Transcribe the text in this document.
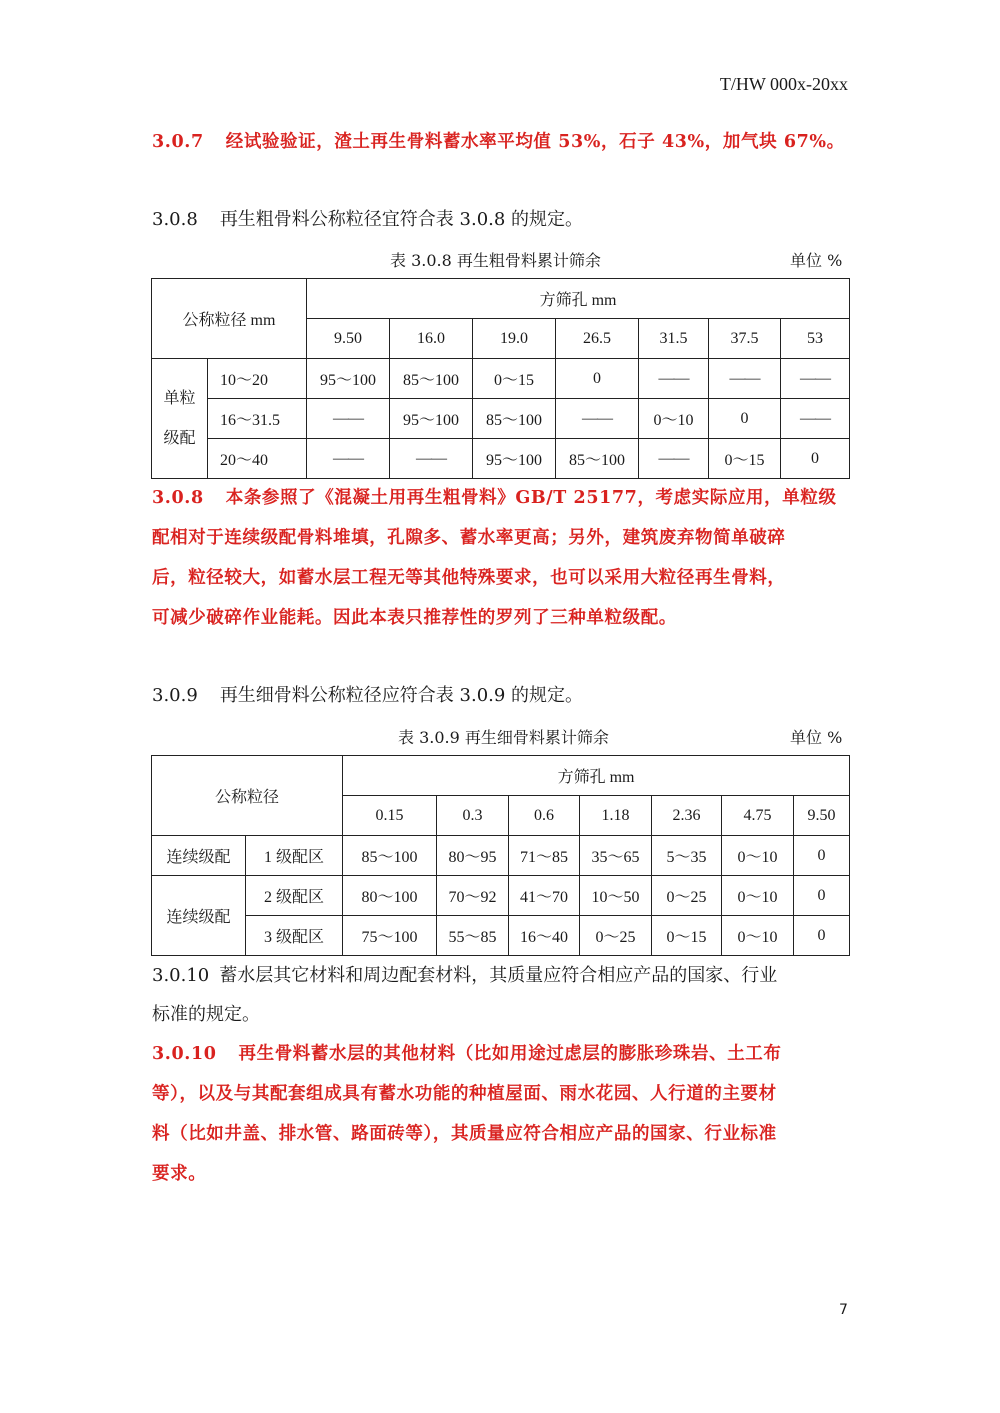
T/HW 000x-20xx
3.0.7 经试验验证，渣土再生骨料蓄水率平均值 53%，石子 43%，加气块 67%。
3.0.8 再生粗骨料公称粒径宜符合表 3.0.8 的规定。
表 3.0.8 再生粗骨料累计筛余	单位 %
公称粒径 mm		方筛孔 mm						
		9.50	16.0	19.0	26.5	31.5	37.5	53

单粒
级配	10～20	95～100	85～100	0～15	0	——	——	——
	16～31.5	——	95～100	85～100	——	0～10	0	——
	20～40	——	——	95～100	85～100	——	0～15	0
3.0.8 本条参照了《混凝土用再生粗骨料》GB/T 25177，考虑实际应用，单粒级
配相对于连续级配骨料堆填，孔隙多、蓄水率更高；另外，建筑废弃物简单破碎
后，粒径较大，如蓄水层工程无等其他特殊要求，也可以采用大粒径再生骨料，
可减少破碎作业能耗。因此本表只推荐性的罗列了三种单粒级配。
3.0.9 再生细骨料公称粒径应符合表 3.0.9 的规定。
表 3.0.9 再生细骨料累计筛余	单位 %
公称粒径		方筛孔 mm						
		0.15	0.3	0.6	1.18	2.36	4.75	9.50
连续级配	1 级配区	85～100	80～95	71～85	35～65	5～35	0～10	0
连续级配	2 级配区	80～100	70～92	41～70	10～50	0～25	0～10	0
	3 级配区	75～100	55～85	16～40	0～25	0～15	0～10	0
3.0.10 蓄水层其它材料和周边配套材料，其质量应符合相应产品的国家、行业
标准的规定。
3.0.10 再生骨料蓄水层的其他材料（比如用途过虑层的膨胀珍珠岩、土工布
等），以及与其配套组成具有蓄水功能的种植屋面、雨水花园、人行道的主要材
料（比如井盖、排水管、路面砖等），其质量应符合相应产品的国家、行业标准
要求。
7
